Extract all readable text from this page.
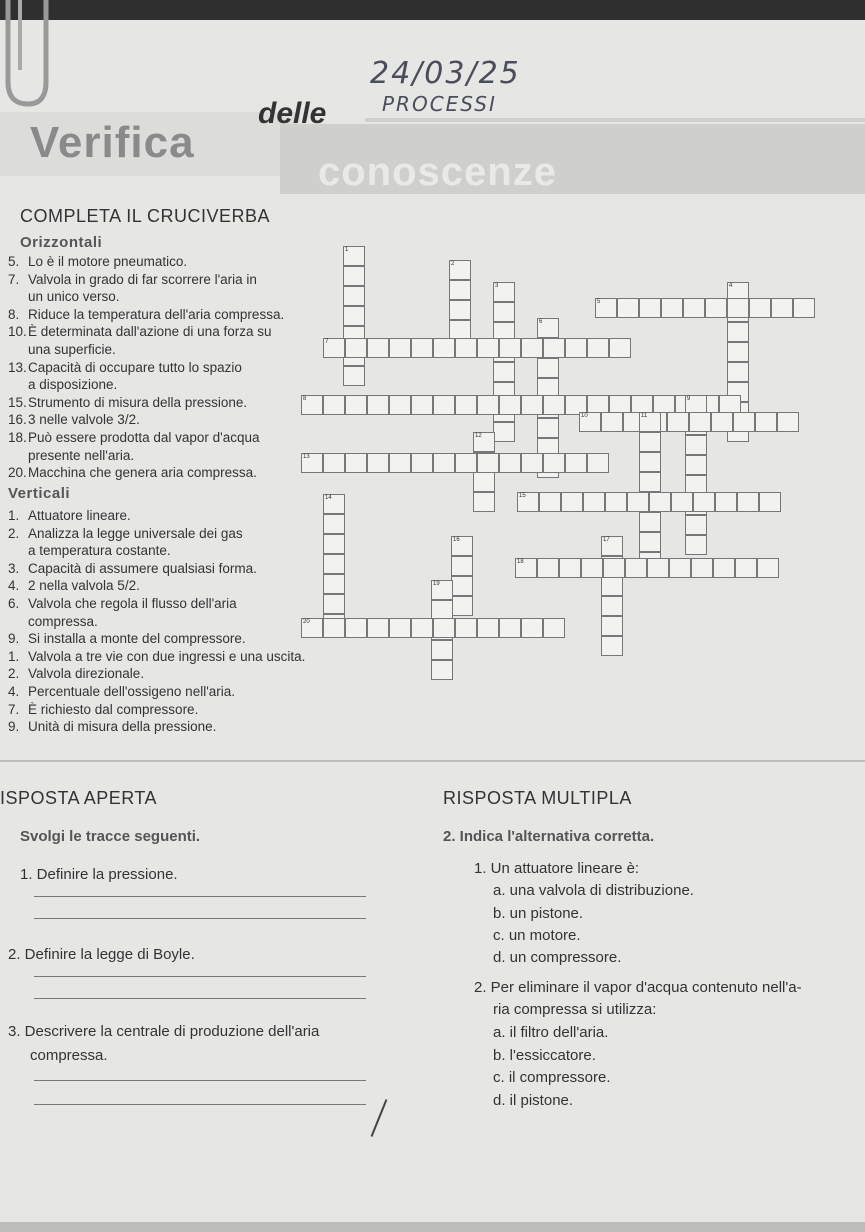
24/03/25
PROCESSI
Verifica
delle
conoscenze
COMPLETA IL CRUCIVERBA
Orizzontali
Verticali
1
2
3	4
5
6
7
8	9
10	11
12
13
14	15
16	17
18
19
20
ISPOSTA APERTA
Svolgi le tracce seguenti.
1. Definire la pressione.
2. Definire la legge di Boyle.
3. Descrivere la centrale di produzione dell'aria
compressa.
RISPOSTA MULTIPLA
2. Indica l'alternativa corretta.
1. Un attuatore lineare è:
a. una valvola di distribuzione.
b. un pistone.
c. un motore.
d. un compressore.
2. Per eliminare il vapor d'acqua contenuto nell'a-
ria compressa si utilizza:
a. il filtro dell'aria.
b. l'essiccatore.
c. il compressore.
d. il pistone.
5. Lo è il motore pneumatico.
7. Valvola in grado di far scorrere l'aria in
un unico verso.
8. Riduce la temperatura dell'aria compressa.
10.È determinata dall'azione di una forza su
una superficie.
13.Capacità di occupare tutto lo spazio
a disposizione.
15.Strumento di misura della pressione.
16.3 nelle valvole 3/2.
18.Può essere prodotta dal vapor d'acqua
presente nell'aria.
20.Macchina che genera aria compressa.
1. Attuatore lineare.
2. Analizza la legge universale dei gas
a temperatura costante.
3. Capacità di assumere qualsiasi forma.
4. 2 nella valvola 5/2.
6. Valvola che regola il flusso dell'aria
compressa.
9. Si installa a monte del compressore.
1. Valvola a tre vie con due ingressi e una uscita.
2. Valvola direzionale.
4. Percentuale dell'ossigeno nell'aria.
7. È richiesto dal compressore.
9. Unità di misura della pressione.
